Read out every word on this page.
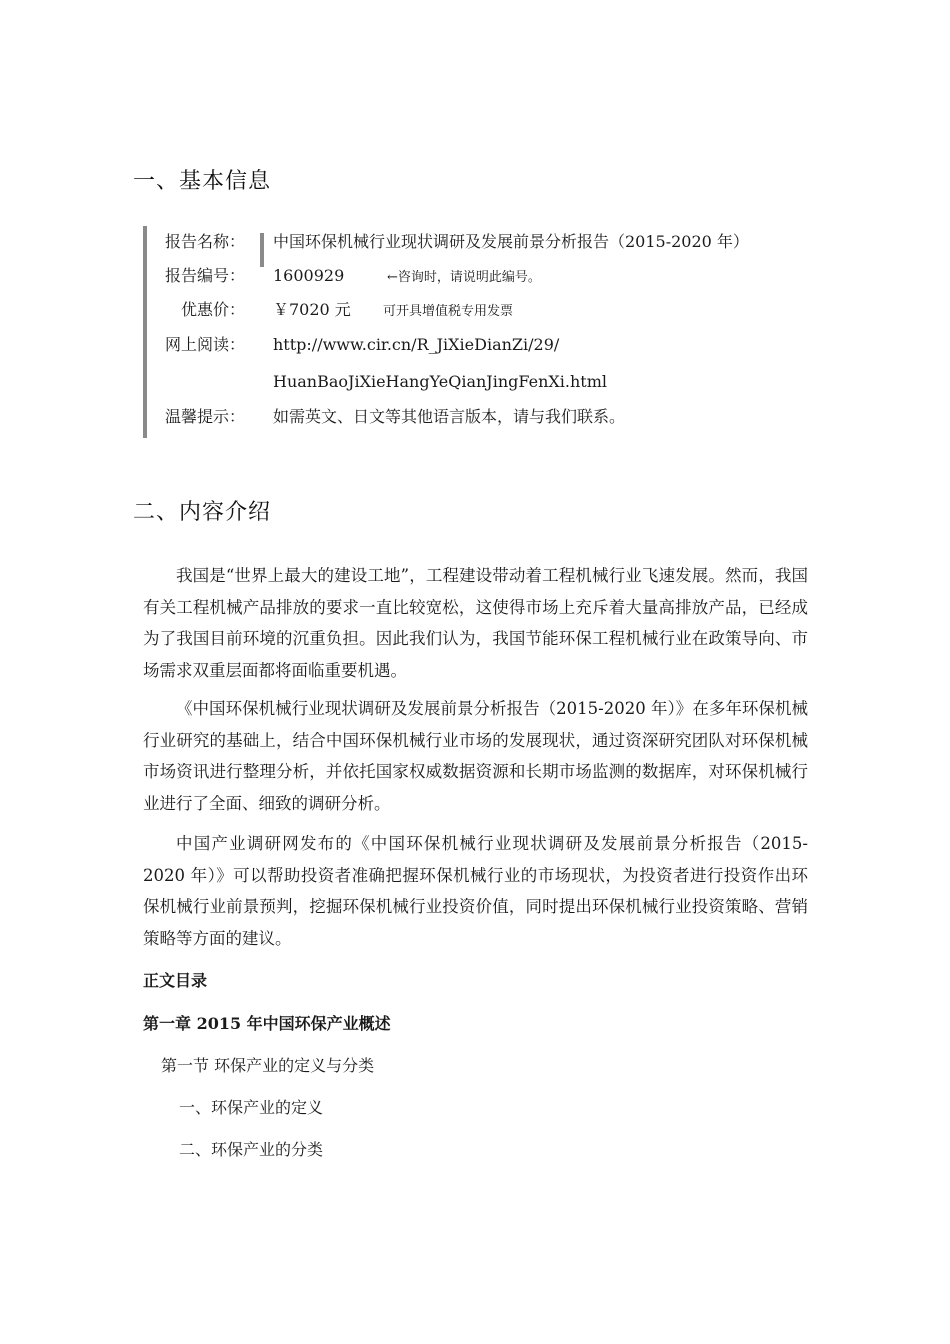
一、基本信息
报告名称： 中国环保机械行业现状调研及发展前景分析报告（2015-2020 年）
报告编号： 1600929	←咨询时，请说明此编号。
优惠价： ￥7020 元 可开具增值税专用发票
网上阅读： http://www.cir.cn/R_JiXieDianZi/29/
HuanBaoJiXieHangYeQianJingFenXi.html
温馨提示： 如需英文、日文等其他语言版本，请与我们联系。
二、内容介绍

我国是“世界上最大的建设工地”，工程建设带动着工程机械行业飞速发展。然而，我国有关工程机械产品排放的要求一直比较宽松，这使得市场上充斥着大量高排放产品，已经成为了我国目前环境的沉重负担。因此我们认为，我国节能环保工程机械行业在政策导向、市场需求双重层面都将面临重要机遇。

《中国环保机械行业现状调研及发展前景分析报告（2015-2020 年）》在多年环保机械行业研究的基础上，结合中国环保机械行业市场的发展现状，通过资深研究团队对环保机械市场资讯进行整理分析，并依托国家权威数据资源和长期市场监测的数据库，对环保机械行业进行了全面、细致的调研分析。

中国产业调研网发布的《中国环保机械行业现状调研及发展前景分析报告（2015-2020 年）》可以帮助投资者准确把握环保机械行业的市场现状，为投资者进行投资作出环保机械行业前景预判，挖掘环保机械行业投资价值，同时提出环保机械行业投资策略、营销策略等方面的建议。

正文目录

第一章 2015 年中国环保产业概述

第一节 环保产业的定义与分类

一、环保产业的定义

二、环保产业的分类
